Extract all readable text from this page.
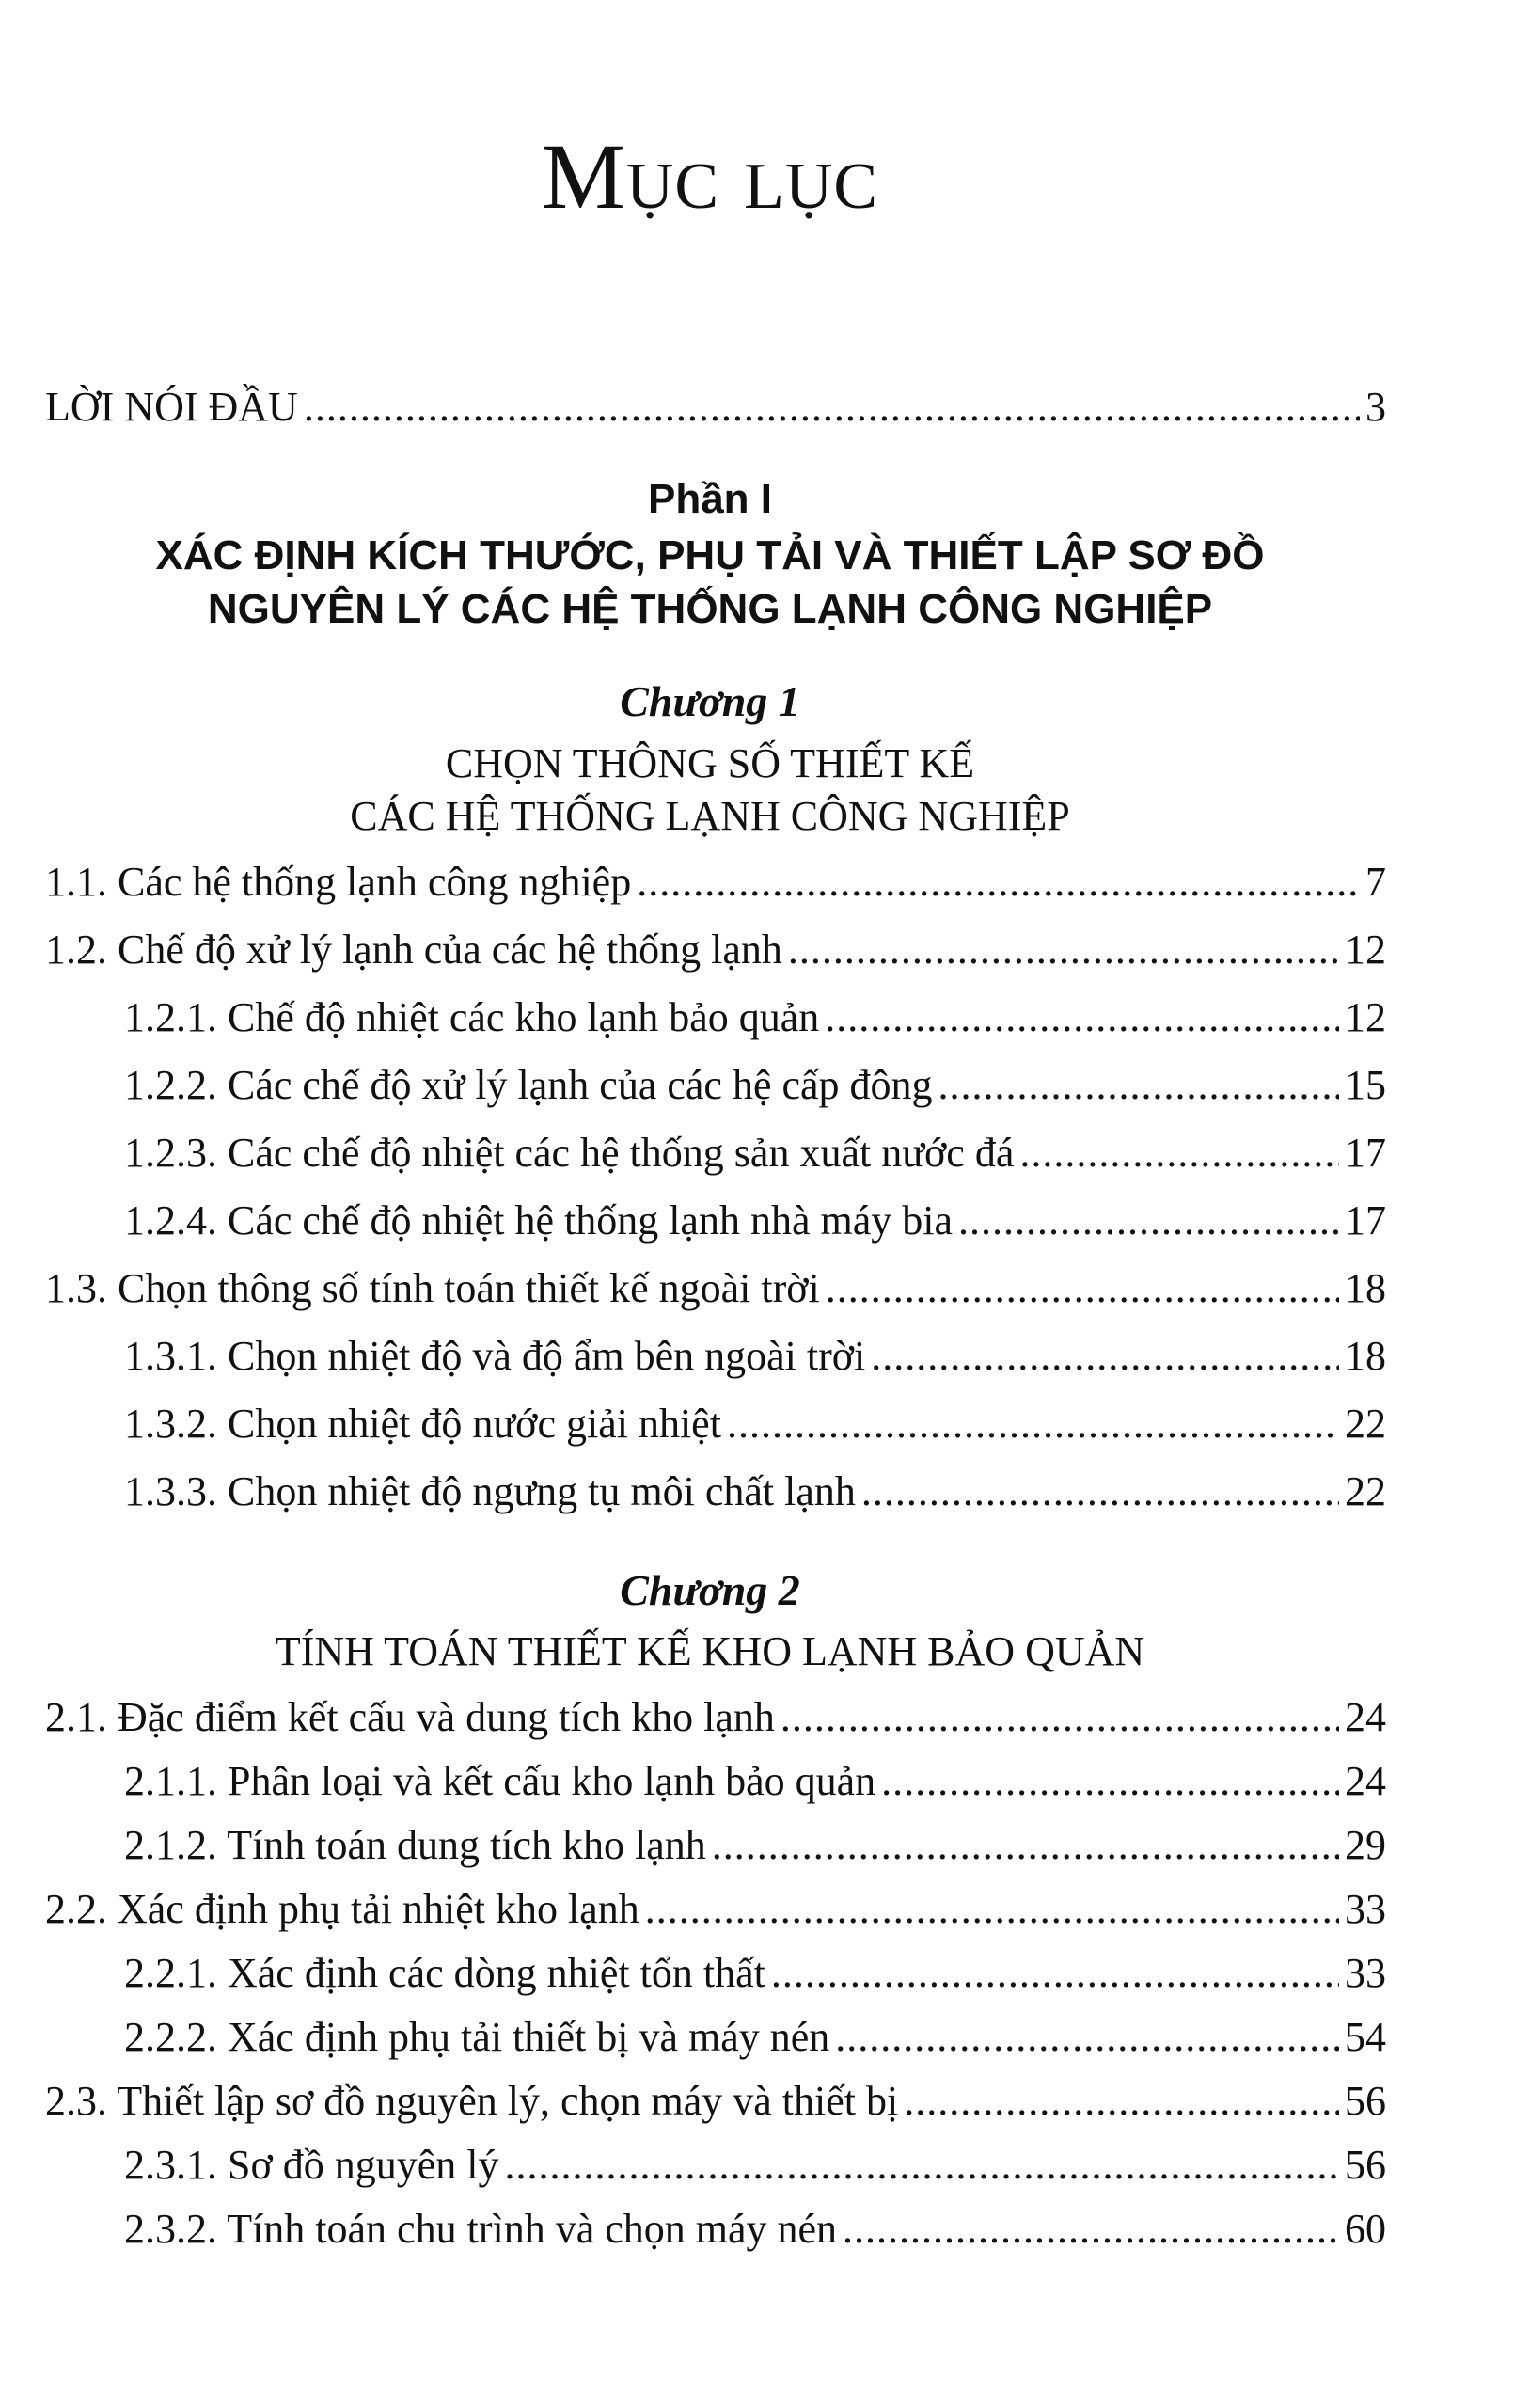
Mục lục
LỜI NÓI ĐẦU .....	3
Phần I
XÁC ĐỊNH KÍCH THƯỚC, PHỤ TẢI VÀ THIẾT LẬP SƠ ĐỒ
NGUYÊN LÝ CÁC HỆ THỐNG LẠNH CÔNG NGHIỆP
Chương 1
CHỌN THÔNG SỐ THIẾT KẾ
CÁC HỆ THỐNG LẠNH CÔNG NGHIỆP
1.1. Các hệ thống lạnh công nghiệp .....	7
1.2. Chế độ xử lý lạnh của các hệ thống lạnh .....	12
1.2.1. Chế độ nhiệt các kho lạnh bảo quản .....	12
1.2.2. Các chế độ xử lý lạnh của các hệ cấp đông .....	15
1.2.3. Các chế độ nhiệt các hệ thống sản xuất nước đá .....	17
1.2.4. Các chế độ nhiệt hệ thống lạnh nhà máy bia .....	17
1.3. Chọn thông số tính toán thiết kế ngoài trời .....	18
1.3.1. Chọn nhiệt độ và độ ẩm bên ngoài trời .....	18
1.3.2. Chọn nhiệt độ nước giải nhiệt .....	22
1.3.3. Chọn nhiệt độ ngưng tụ môi chất lạnh .....	22
Chương 2
TÍNH TOÁN THIẾT KẾ KHO LẠNH BẢO QUẢN
2.1. Đặc điểm kết cấu và dung tích kho lạnh .....	24
2.1.1. Phân loại và kết cấu kho lạnh bảo quản .....	24
2.1.2. Tính toán dung tích kho lạnh .....	29
2.2. Xác định phụ tải nhiệt kho lạnh .....	33
2.2.1. Xác định các dòng nhiệt tổn thất .....	33
2.2.2. Xác định phụ tải thiết bị và máy nén .....	54
2.3. Thiết lập sơ đồ nguyên lý, chọn máy và thiết bị .....	56
2.3.1. Sơ đồ nguyên lý .....	56
2.3.2. Tính toán chu trình và chọn máy nén .....	60
